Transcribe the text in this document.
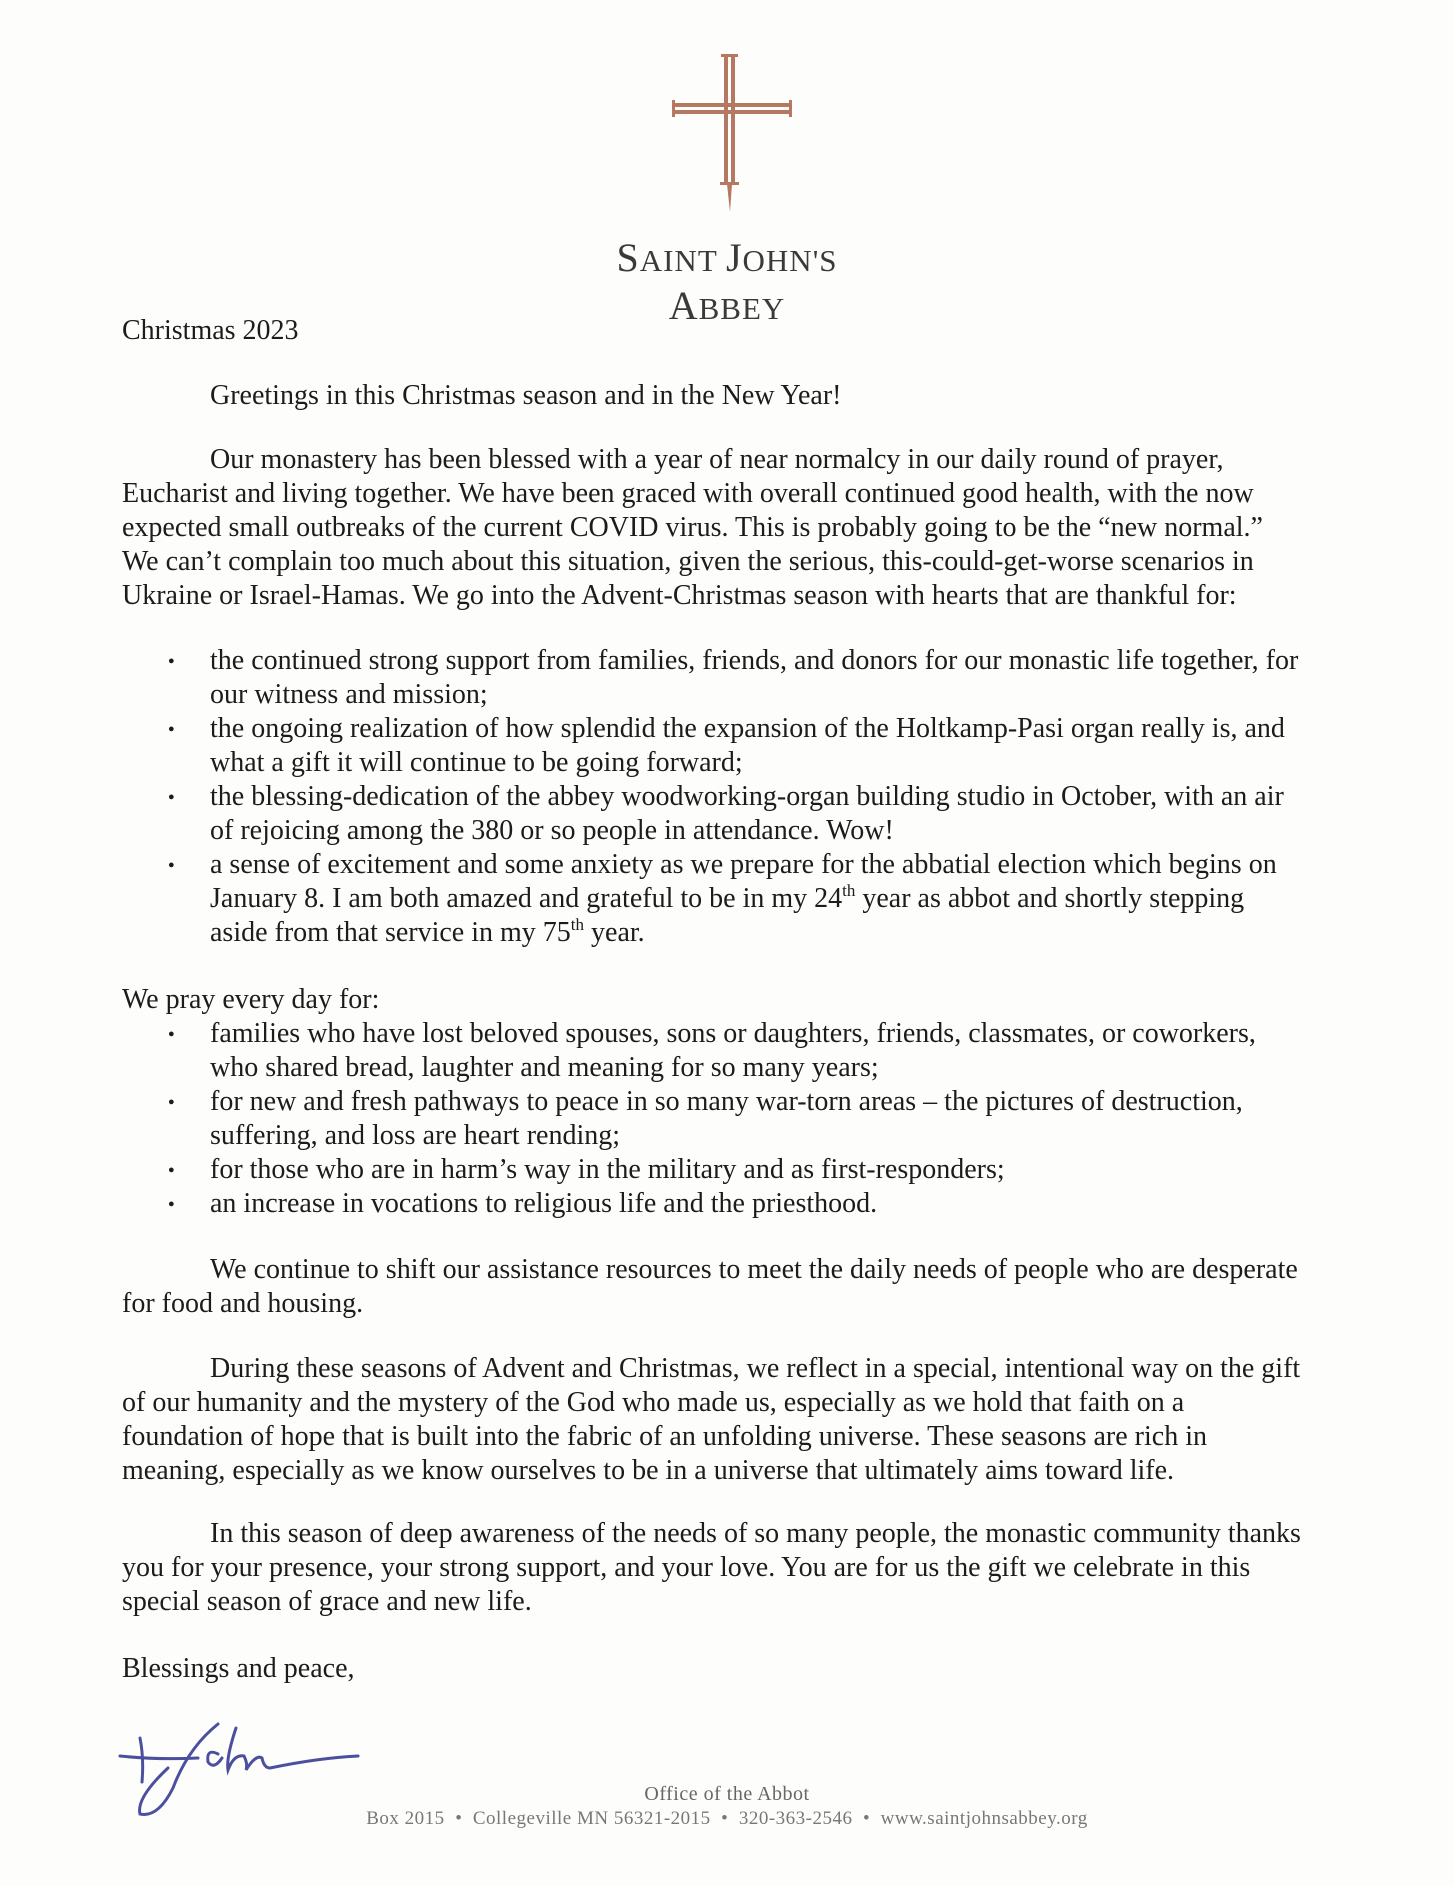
SAINT JOHN'S
ABBEY
Christmas 2023
Greetings in this Christmas season and in the New Year!
Our monastery has been blessed with a year of near normalcy in our daily round of prayer,
Eucharist and living together. We have been graced with overall continued good health, with the now
expected small outbreaks of the current COVID virus. This is probably going to be the “new normal.”
We can’t complain too much about this situation, given the serious, this-could-get-worse scenarios in
Ukraine or Israel-Hamas. We go into the Advent-Christmas season with hearts that are thankful for:
● the continued strong support from families, friends, and donors for our monastic life together, for
our witness and mission;
● the ongoing realization of how splendid the expansion of the Holtkamp-Pasi organ really is, and
what a gift it will continue to be going forward;
● the blessing-dedication of the abbey woodworking-organ building studio in October, with an air
of rejoicing among the 380 or so people in attendance. Wow!
● a sense of excitement and some anxiety as we prepare for the abbatial election which begins on
January 8. I am both amazed and grateful to be in my 24th year as abbot and shortly stepping
aside from that service in my 75th year.
We pray every day for:
● families who have lost beloved spouses, sons or daughters, friends, classmates, or coworkers,
who shared bread, laughter and meaning for so many years;
● for new and fresh pathways to peace in so many war-torn areas – the pictures of destruction,
suffering, and loss are heart rending;
● for those who are in harm’s way in the military and as first-responders;
● an increase in vocations to religious life and the priesthood.
We continue to shift our assistance resources to meet the daily needs of people who are desperate
for food and housing.
During these seasons of Advent and Christmas, we reflect in a special, intentional way on the gift
of our humanity and the mystery of the God who made us, especially as we hold that faith on a
foundation of hope that is built into the fabric of an unfolding universe. These seasons are rich in
meaning, especially as we know ourselves to be in a universe that ultimately aims toward life.
In this season of deep awareness of the needs of so many people, the monastic community thanks
you for your presence, your strong support, and your love. You are for us the gift we celebrate in this
special season of grace and new life.
Blessings and peace,
Office of the Abbot
Box 2015 • Collegeville MN 56321-2015 • 320-363-2546 • www.saintjohnsabbey.org
